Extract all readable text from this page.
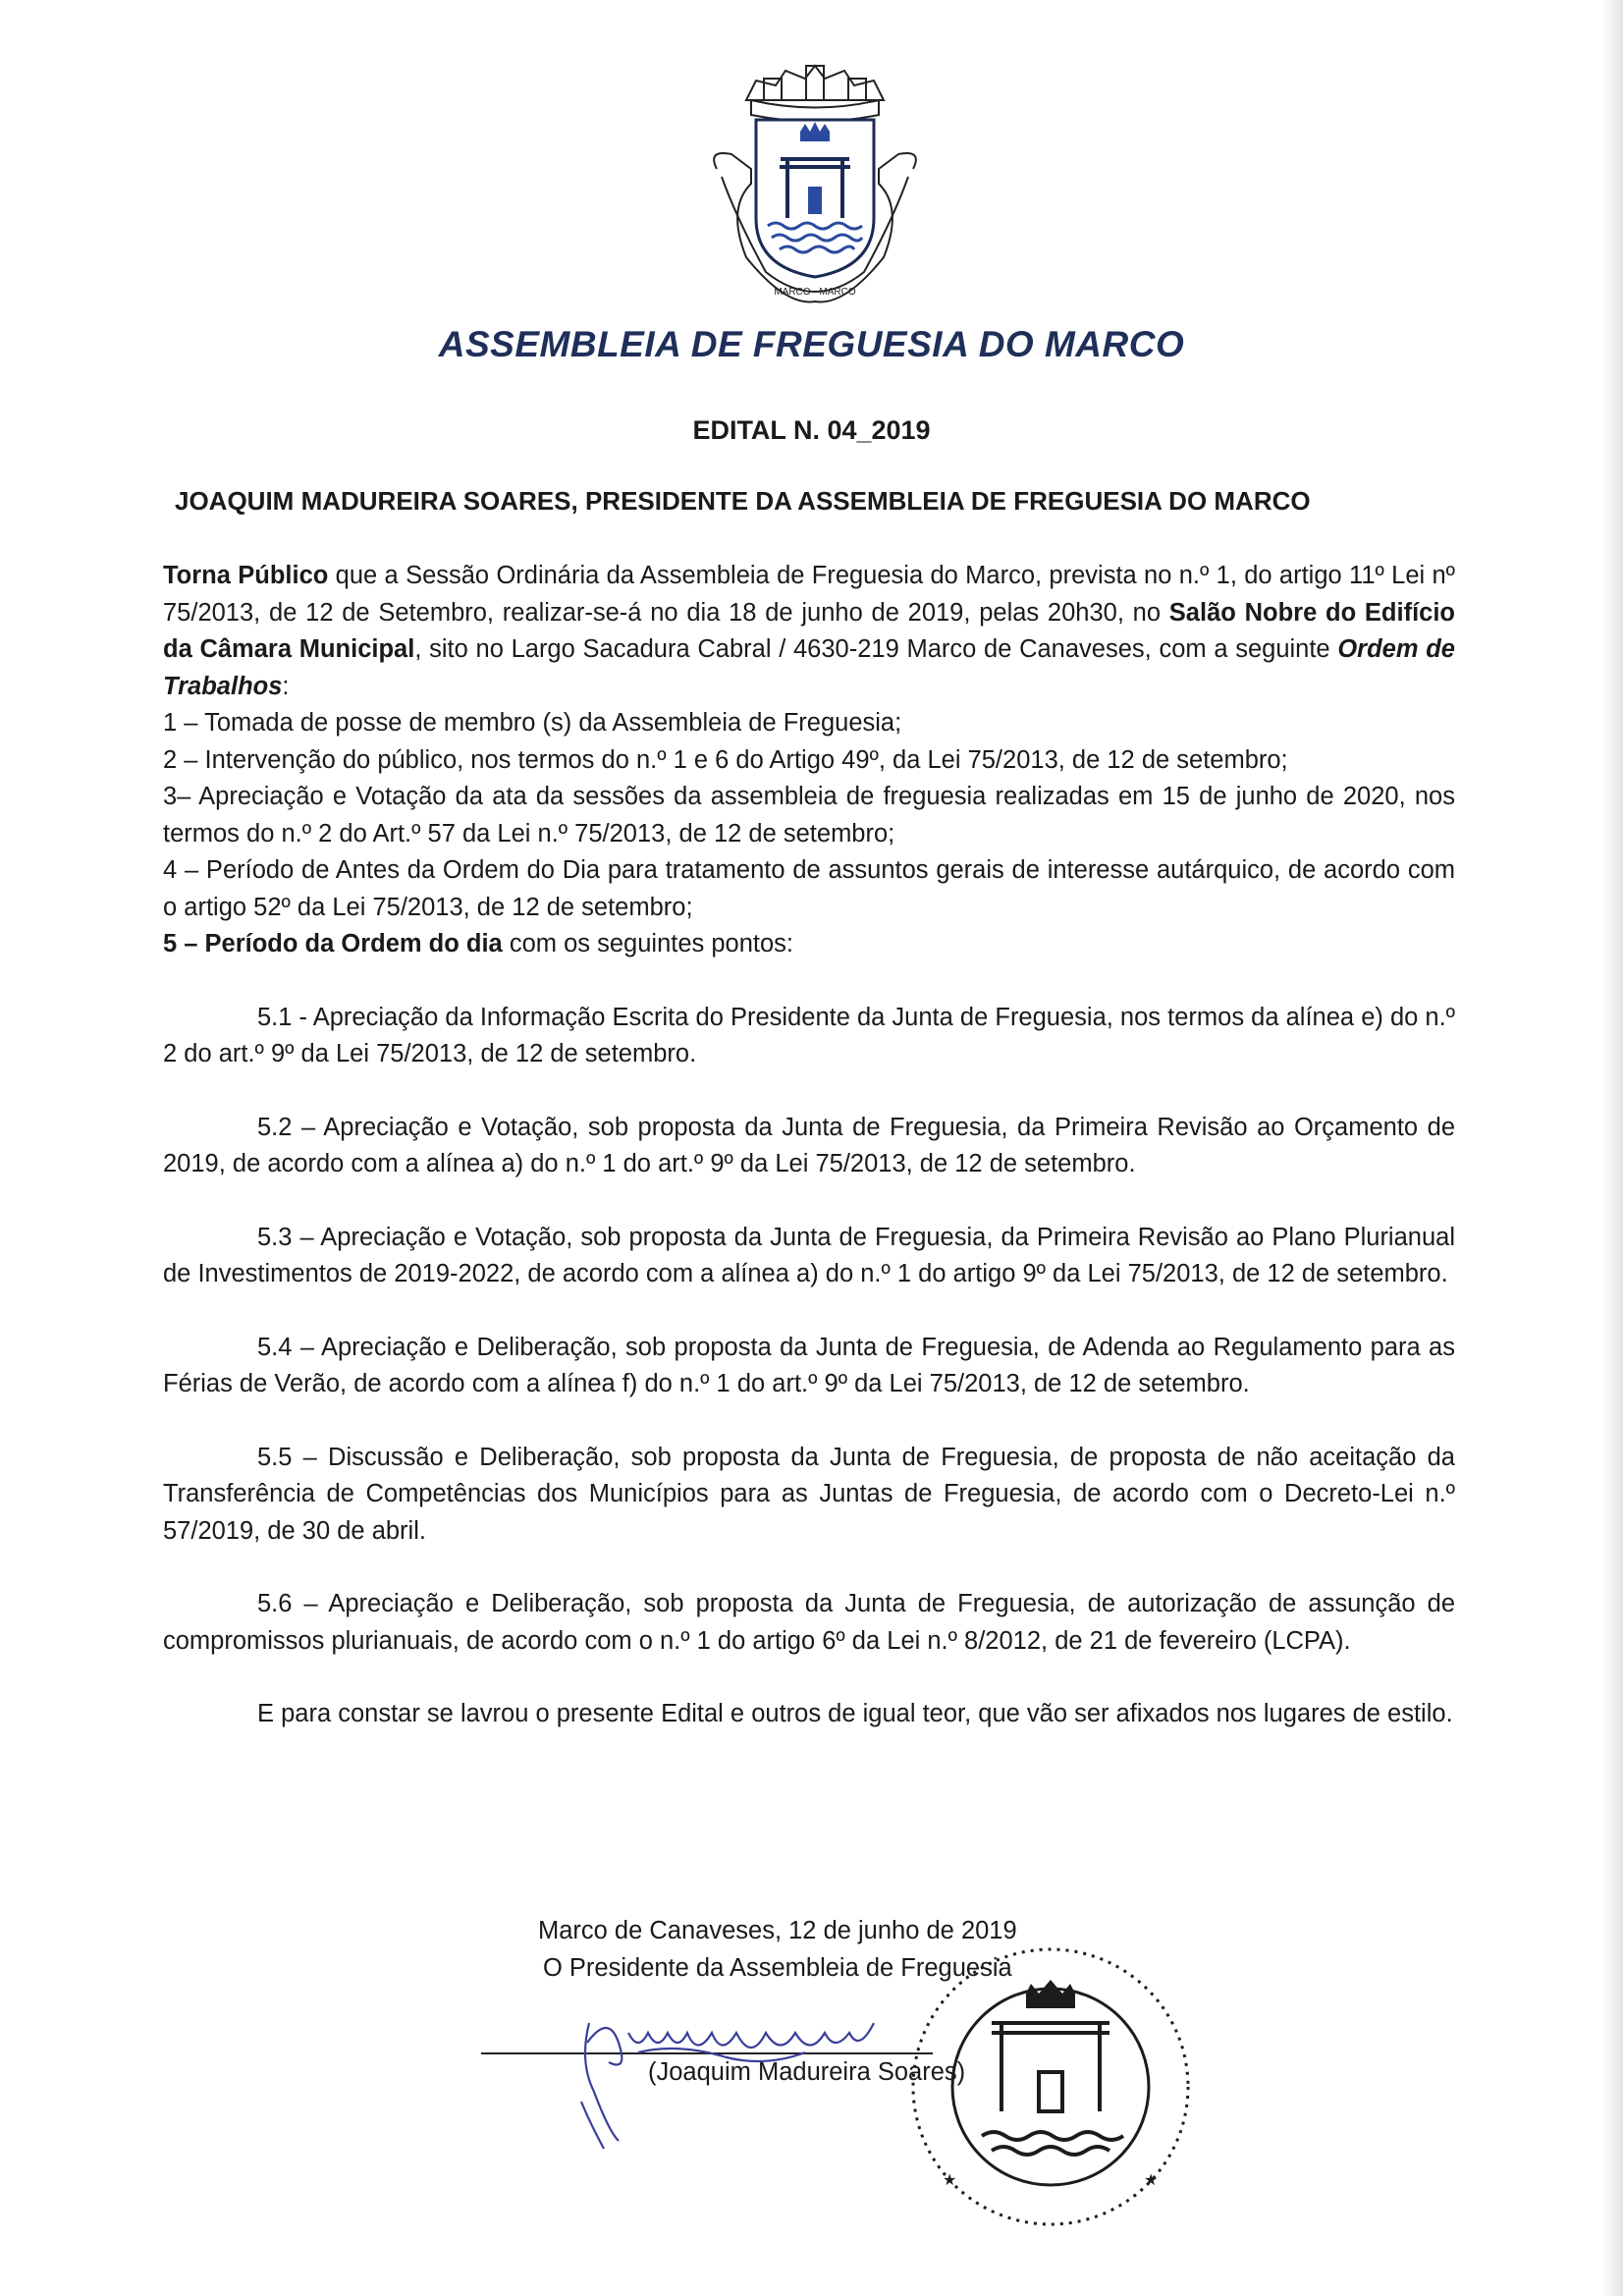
MARCO · MARCO
ASSEMBLEIA DE FREGUESIA DO MARCO
EDITAL N. 04_2019
JOAQUIM MADUREIRA SOARES, PRESIDENTE DA ASSEMBLEIA DE FREGUESIA DO MARCO

Torna Público que a Sessão Ordinária da Assembleia de Freguesia do Marco, prevista no n.º 1, do artigo 11º Lei nº 75/2013, de 12 de Setembro, realizar-se-á no dia 18 de junho de 2019, pelas 20h30, no Salão Nobre do Edifício da Câmara Municipal, sito no Largo Sacadura Cabral / 4630-219 Marco de Canaveses, com a seguinte Ordem de Trabalhos:

1 – Tomada de posse de membro (s) da Assembleia de Freguesia;

2 – Intervenção do público, nos termos do n.º 1 e 6 do Artigo 49º, da Lei 75/2013, de 12 de setembro;

3– Apreciação e Votação da ata da sessões da assembleia de freguesia realizadas em 15 de junho de 2020, nos termos do n.º 2 do Art.º 57 da Lei n.º 75/2013, de 12 de setembro;

4 – Período de Antes da Ordem do Dia para tratamento de assuntos gerais de interesse autárquico, de acordo com o artigo 52º da Lei 75/2013, de 12 de setembro;

5 – Período da Ordem do dia com os seguintes pontos:

5.1 - Apreciação da Informação Escrita do Presidente da Junta de Freguesia, nos termos da alínea e) do n.º 2 do art.º 9º da Lei 75/2013, de 12 de setembro.

5.2 – Apreciação e Votação, sob proposta da Junta de Freguesia, da Primeira Revisão ao Orçamento de 2019, de acordo com a alínea a) do n.º 1 do art.º 9º da Lei 75/2013, de 12 de setembro.

5.3 – Apreciação e Votação, sob proposta da Junta de Freguesia, da Primeira Revisão ao Plano Plurianual de Investimentos de 2019-2022, de acordo com a alínea a) do n.º 1 do artigo 9º da Lei 75/2013, de 12 de setembro.

5.4 – Apreciação e Deliberação, sob proposta da Junta de Freguesia, de Adenda ao Regulamento para as Férias de Verão, de acordo com a alínea f) do n.º 1 do art.º 9º da Lei 75/2013, de 12 de setembro.

5.5 – Discussão e Deliberação, sob proposta da Junta de Freguesia, de proposta de não aceitação da Transferência de Competências dos Municípios para as Juntas de Freguesia, de acordo com o Decreto-Lei n.º 57/2019, de 30 de abril.

5.6 – Apreciação e Deliberação, sob proposta da Junta de Freguesia, de autorização de assunção de compromissos plurianuais, de acordo com o n.º 1 do artigo 6º da Lei n.º 8/2012, de 21 de fevereiro (LCPA).

E para constar se lavrou o presente Edital e outros de igual teor, que vão ser afixados nos lugares de estilo.

Marco de Canaveses, 12 de junho de 2019
O Presidente da Assembleia de Freguesia
(Joaquim Madureira Soares)
★	★
